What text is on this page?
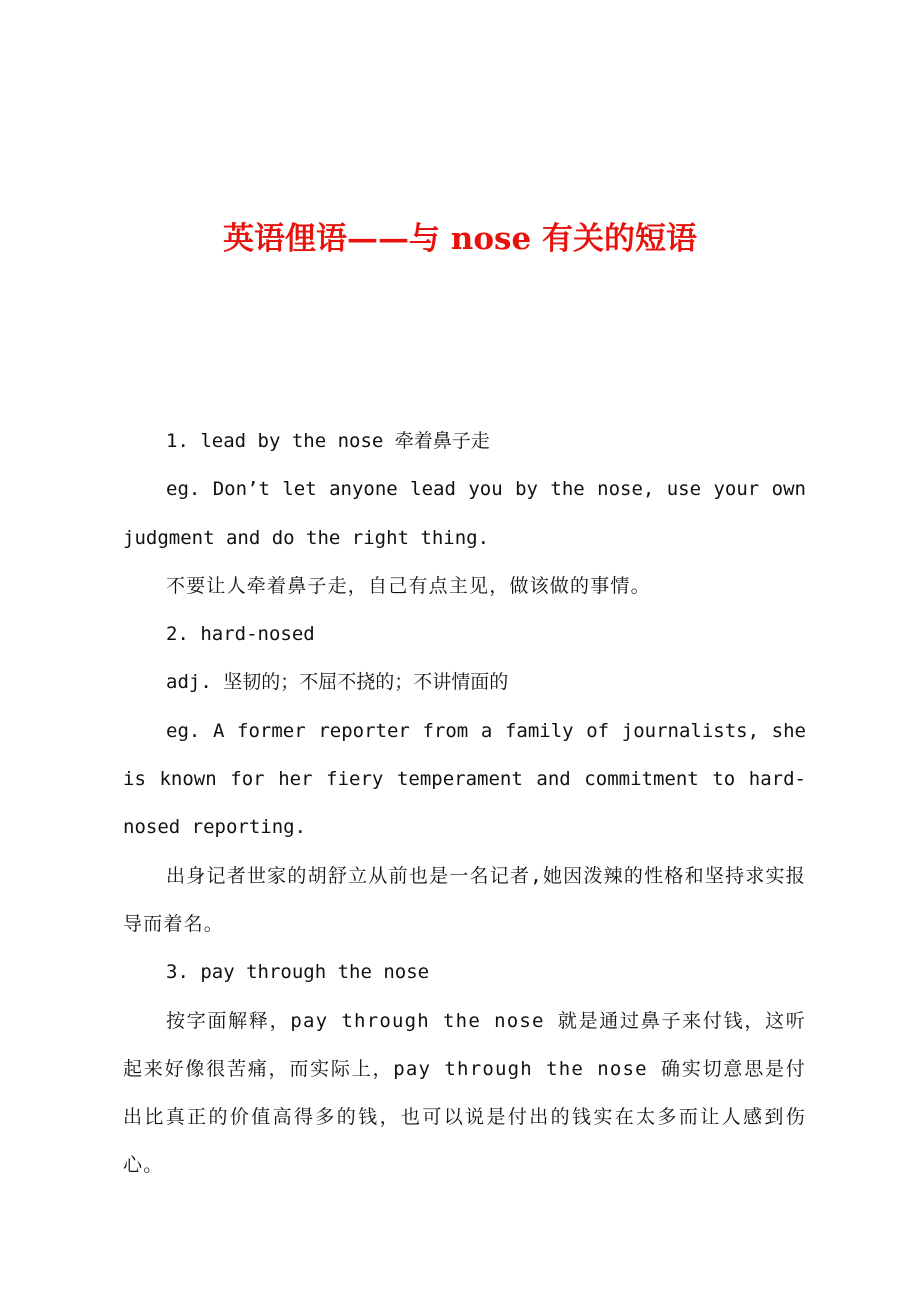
英语俚语——与 nose 有关的短语

1. lead by the nose 牵着鼻子走

eg. Don’t let anyone lead you by the nose, use your own judgment and do the right thing.

不要让人牵着鼻子走，自己有点主见，做该做的事情。

2. hard-nosed

adj. 坚韧的；不屈不挠的；不讲情面的

eg. A former reporter from a family of journalists, she is known for her fiery temperament and commitment to hard-nosed reporting.

出身记者世家的胡舒立从前也是一名记者,她因泼辣的性格和坚持求实报导而着名。

3. pay through the nose

按字面解释，pay through the nose 就是通过鼻子来付钱，这听起来好像很苦痛，而实际上，pay through the nose 确实切意思是付出比真正的价值高得多的钱，也可以说是付出的钱实在太多而让人感到伤心。
